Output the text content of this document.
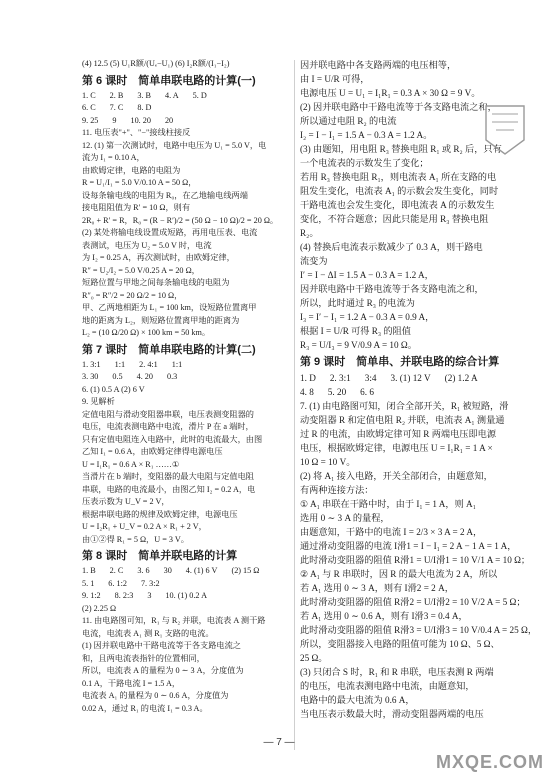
(4) 12.5 (5) U₁R额/(Uₑ−U₁) (6) I₂R额/(I₁−I₂)
第 6 课时 简单串联电路的计算(一)
1. C 2. B 3. B 4. A 5. D
6. C 7. C 8. D
9. 25 9 10. 20 20
11. 电压表"+"、"−"接线柱接反
12. (1) 第一次测试时，电路中电压为 U₁ = 5.0 V，电
流为 I₁ = 0.10 A，
由欧姆定律，电路的电阻为
R = U₁/I₁ = 5.0 V/0.10 A = 50 Ω，
设每条输电线的电阻为 R₀，在乙地输电线两端
接电阻阻值为 R′ = 10 Ω，则有
2R₀ + R′ = R，R₀ = (R − R′)/2 = (50 Ω − 10 Ω)/2 = 20 Ω。
(2) 某处将输电线设置成短路，再用电压表、电流
表测试，电压为 U₂ = 5.0 V 时，电流
为 I₂ = 0.25 A，再次测试时，由欧姆定律，
R″ = U₂/I₂ = 5.0 V/0.25 A = 20 Ω，
短路位置与甲地之间每条输电线的电阻为
R″₀ = R″/2 = 20 Ω/2 = 10 Ω，
甲、乙两地相距为 L₁ = 100 km，设短路位置离甲
地的距离为 L₂，则短路位置离甲地的距离为
L₂ = (10 Ω/20 Ω) × 100 km = 50 km。
第 7 课时 简单串联电路的计算(二)
1. 3:1 1:1 2. 4:1 1:1
3. 30 0.5 4. 20 0.3
6. (1) 0.5 A (2) 6 V
9. 见解析
定值电阻与滑动变阻器串联，电压表测变阻器的
电压，电流表测电路中电流，滑片 P 在 a 端时，
只有定值电阻连入电路中，此时的电流最大，由图
乙知 I₁ = 0.6 A，由欧姆定律得电源电压
U = I₁R₁ = 0.6 A × R₁ ……①
当滑片在 b 端时，变阻器的最大电阻与定值电阻
串联，电路的电流最小，由图乙知 I₂ = 0.2 A，电
压表示数为 U_V = 2 V，
根据串联电路的规律及欧姆定律，电源电压
U = I₂R₁ + U_V = 0.2 A × R₁ + 2 V，
由①②得 R₁ = 5 Ω，U = 3 V。
第 8 课时 简单并联电路的计算
1. B 2. C 3. 6 30 4. (1) 6 V (2) 15 Ω
5. 1 6. 1:2 7. 3:2
9. 1:2 8. 2:3 3 10. (1) 0.2 A
(2) 2.25 Ω
11. 由电路图可知，R₁ 与 R₂ 并联，电流表 A 测干路
电流，电流表 A₁ 测 R₁ 支路的电流。
(1) 因并联电路中干路电流等于各支路电流之
和，且两电流表指针的位置相同，
所以，电流表 A 的量程为 0 ∼ 3 A，分度值为
0.1 A，干路电流 I = 1.5 A，
电流表 A₁ 的量程为 0 ∼ 0.6 A，分度值为
0.02 A，通过 R₁ 的电流 I₁ = 0.3 A。
因并联电路中各支路两端的电压相等，
由 I = U/R 可得，
电源电压 U = U₁ = I₁R₁ = 0.3 A × 30 Ω = 9 V。
(2) 因并联电路中干路电流等于各支路电流之和，
所以通过电阻 R₂ 的电流
I₂ = I − I₁ = 1.5 A − 0.3 A = 1.2 A。
(3) 由题知，用电阻 R₃ 替换电阻 R₁ 或 R₂ 后，只有
一个电流表的示数发生了变化；
若用 R₃ 替换电阻 R₁，则电流表 A₁ 所在支路的电
阻发生变化，电流表 A₁ 的示数会发生变化，同时
干路电流也会发生变化，即电流表 A 的示数发生
变化，不符合题意；因此只能是用 R₃ 替换电阻
R₂。
(4) 替换后电流表示数减少了 0.3 A，则干路电
流变为
I′ = I − ΔI = 1.5 A − 0.3 A = 1.2 A，
因并联电路中干路电流等于各支路电流之和，
所以，此时通过 R₃ 的电流为
I₃ = I′ − I₁ = 1.2 A − 0.3 A = 0.9 A，
根据 I = U/R 可得 R₃ 的阻值
R₃ = U/I₃ = 9 V/0.9 A = 10 Ω。
第 9 课时 简单串、并联电路的综合计算
1. D 2. 3:1 3:4 3. (1) 12 V (2) 1.2 A
4. 8 5. 20 6. 6
7. (1) 由电路图可知，闭合全部开关，R₁ 被短路，滑
动变阻器 R 和定值电阻 R₂ 并联，电流表 A₁ 测量通
过 R 的电流，由欧姆定律可知 R 两端电压即电源
电压，根据欧姆定律，电源电压 U = I₁R₁ = 1 A ×
10 Ω = 10 V。
(2) 将 A₁ 接入电路，开关全部闭合，由题意知，
有两种连接方法：
① A₁ 串联在干路中时，由于 I₁ = 1 A，则 A₁
选用 0 ∼ 3 A 的量程，
由题意知，干路中的电流 I = 2/3 × 3 A = 2 A，
通过滑动变阻器的电流 I滑1 = I − I₁ = 2 A − 1 A = 1 A，
此时滑动变阻器的阻值 R滑1 = U/I滑1 = 10 V/1 A = 10 Ω；
② A₁ 与 R 串联时，因 R 的最大电流为 2 A，所以
若 A₁ 选用 0 ∼ 3 A，则有 I滑2 = 2 A，
此时滑动变阻器的阻值 R滑2 = U/I滑2 = 10 V/2 A = 5 Ω；
若 A₁ 选用 0 ∼ 0.6 A，则有 I滑3 = 0.4 A，
此时滑动变阻器的阻值 R滑3 = U/I滑3 = 10 V/0.4 A = 25 Ω，
所以，变阻器接入电路的阻值可能为 10 Ω、5 Ω、
25 Ω。
(3) 只闭合 S 时，R₁ 和 R 串联，电压表测 R 两端
的电压，电流表测电路中电流，由题意知，
电路中的最大电流为 0.6 A，
当电压表示数最大时，滑动变阻器两端的电压
— 7 —
MXQE.COM
